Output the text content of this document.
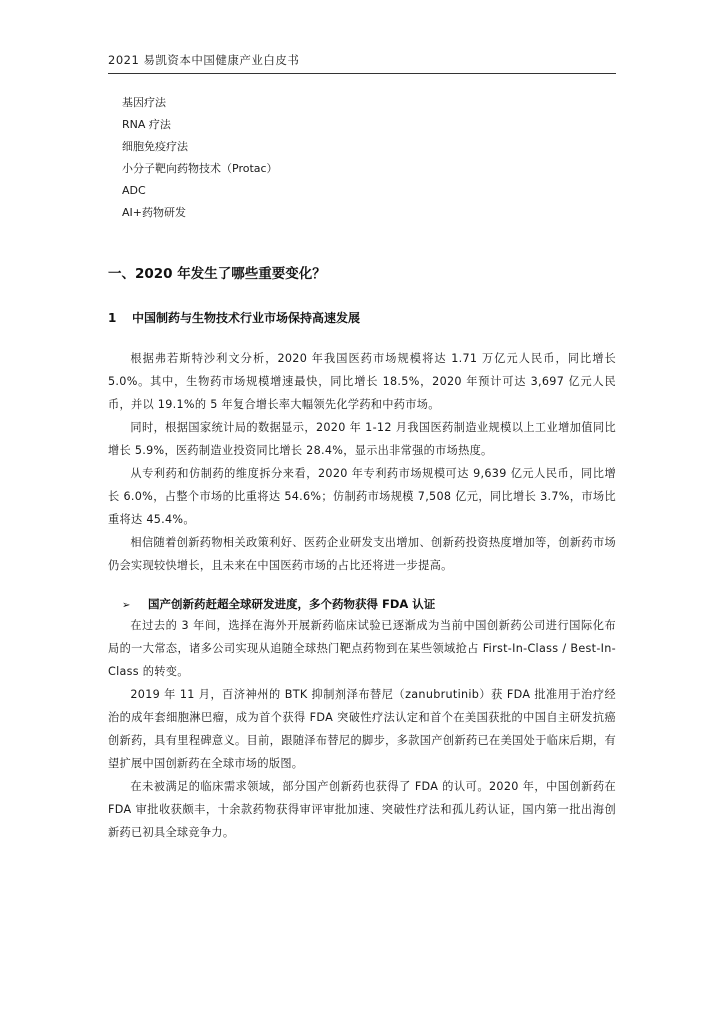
2021 易凯资本中国健康产业白皮书
基因疗法
RNA 疗法
细胞免疫疗法
小分子靶向药物技术（Protac）
ADC
AI+药物研发
一、2020 年发生了哪些重要变化？
1 中国制药与生物技术行业市场保持高速发展

根据弗若斯特沙利文分析，2020 年我国医药市场规模将达 1.71 万亿元人民币，同比增长 5.0%。其中，生物药市场规模增速最快，同比增长 18.5%，2020 年预计可达 3,697 亿元人民币，并以 19.1%的 5 年复合增长率大幅领先化学药和中药市场。

同时，根据国家统计局的数据显示，2020 年 1-12 月我国医药制造业规模以上工业增加值同比增长 5.9%，医药制造业投资同比增长 28.4%，显示出非常强的市场热度。

从专利药和仿制药的维度拆分来看，2020 年专利药市场规模可达 9,639 亿元人民币，同比增长 6.0%，占整个市场的比重将达 54.6%；仿制药市场规模 7,508 亿元，同比增长 3.7%，市场比重将达 45.4%。

相信随着创新药物相关政策利好、医药企业研发支出增加、创新药投资热度增加等，创新药市场仍会实现较快增长，且未来在中国医药市场的占比还将进一步提高。

➢ 国产创新药赶超全球研发进度，多个药物获得 FDA 认证

在过去的 3 年间，选择在海外开展新药临床试验已逐渐成为当前中国创新药公司进行国际化布局的一大常态，诸多公司实现从追随全球热门靶点药物到在某些领域抢占 First-In-Class / Best-In-Class 的转变。

2019 年 11 月，百济神州的 BTK 抑制剂泽布替尼（zanubrutinib）获 FDA 批准用于治疗经治的成年套细胞淋巴瘤，成为首个获得 FDA 突破性疗法认定和首个在美国获批的中国自主研发抗癌创新药，具有里程碑意义。目前，跟随泽布替尼的脚步，多款国产创新药已在美国处于临床后期，有望扩展中国创新药在全球市场的版图。

在未被满足的临床需求领域，部分国产创新药也获得了 FDA 的认可。2020 年，中国创新药在 FDA 审批收获颇丰，十余款药物获得审评审批加速、突破性疗法和孤儿药认证，国内第一批出海创新药已初具全球竞争力。
